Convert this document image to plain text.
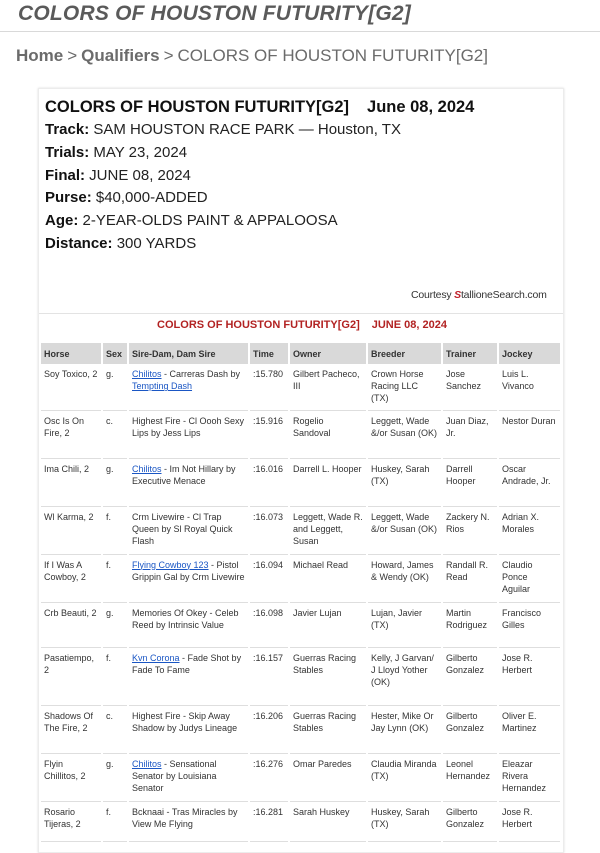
COLORS OF HOUSTON FUTURITY[G2]
Home > Qualifiers > COLORS OF HOUSTON FUTURITY[G2]
COLORS OF HOUSTON FUTURITY[G2] June 08, 2024
Track: SAM HOUSTON RACE PARK — Houston, TX
Trials: MAY 23, 2024
Final: JUNE 08, 2024
Purse: $40,000-ADDED
Age: 2-YEAR-OLDS PAINT & APPALOOSA
Distance: 300 YARDS
Courtesy StallioneSearch.com
COLORS OF HOUSTON FUTURITY[G2] JUNE 08, 2024
Horse	Sex	Sire-Dam, Dam Sire	Time	Owner	Breeder	Trainer	Jockey
Soy Toxico, 2	g.	Chilitos - Carreras Dash by Tempting Dash	:15.780	Gilbert Pacheco, III	Crown Horse Racing LLC (TX)	Jose Sanchez	Luis L. Vivanco
Osc Is On Fire, 2	c.	Highest Fire - Cl Oooh Sexy Lips by Jess Lips	:15.916	Rogelio Sandoval	Leggett, Wade &/or Susan (OK)	Juan Diaz, Jr.	Nestor Duran
Ima Chili, 2	g.	Chilitos - Im Not Hillary by Executive Menace	:16.016	Darrell L. Hooper	Huskey, Sarah (TX)	Darrell Hooper	Oscar Andrade, Jr.
Wl Karma, 2	f.	Crm Livewire - Cl Trap Queen by Sl Royal Quick Flash	:16.073	Leggett, Wade R. and Leggett, Susan	Leggett, Wade &/or Susan (OK)	Zackery N. Rios	Adrian X. Morales
If I Was A Cowboy, 2	f.	Flying Cowboy 123 - Pistol Grippin Gal by Crm Livewire	:16.094	Michael Read	Howard, James & Wendy (OK)	Randall R. Read	Claudio Ponce Aguilar
Crb Beauti, 2	g.	Memories Of Okey - Celeb Reed by Intrinsic Value	:16.098	Javier Lujan	Lujan, Javier (TX)	Martin Rodriguez	Francisco Gilles
Pasatiempo, 2	f.	Kvn Corona - Fade Shot by Fade To Fame	:16.157	Guerras Racing Stables	Kelly, J Garvan/ J Lloyd Yother (OK)	Gilberto Gonzalez	Jose R. Herbert
Shadows Of The Fire, 2	c.	Highest Fire - Skip Away Shadow by Judys Lineage	:16.206	Guerras Racing Stables	Hester, Mike Or Jay Lynn (OK)	Gilberto Gonzalez	Oliver E. Martinez
Flyin Chillitos, 2	g.	Chilitos - Sensational Senator by Louisiana Senator	:16.276	Omar Paredes	Claudia Miranda (TX)	Leonel Hernandez	Eleazar Rivera Hernandez
Rosario Tijeras, 2	f.	Bcknaai - Tras Miracles by View Me Flying	:16.281	Sarah Huskey	Huskey, Sarah (TX)	Gilberto Gonzalez	Jose R. Herbert
